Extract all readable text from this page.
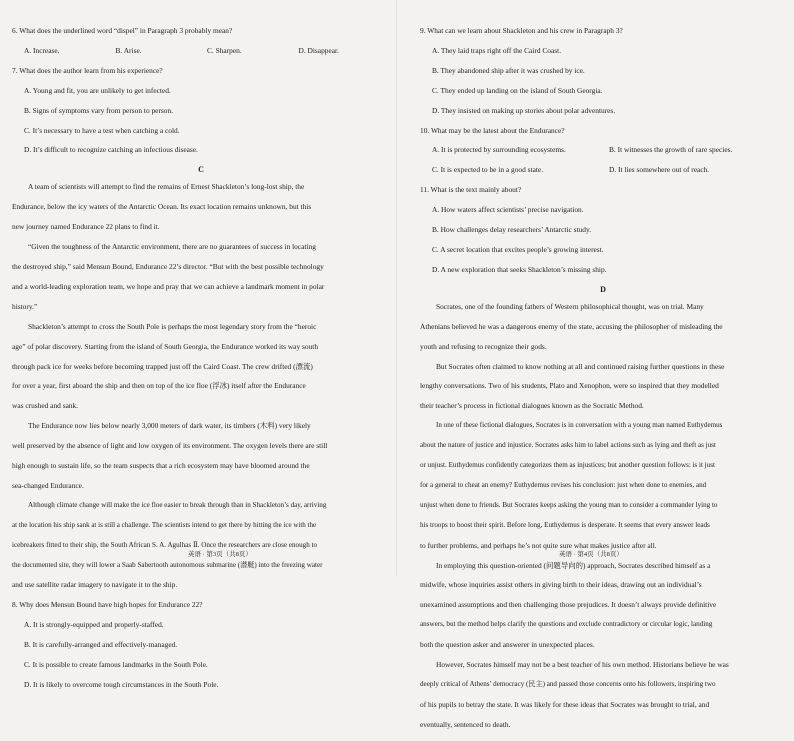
6. What does the underlined word “dispel” in Paragraph 3 probably mean?
A. Increase.	B. Arise.	C. Sharpen.	D. Disappear.
7. What does the author learn from his experience?
A. Young and fit, you are unlikely to get infected.
B. Signs of symptoms vary from person to person.
C. It’s necessary to have a test when catching a cold.
D. It’s difficult to recognize catching an infectious disease.
C
A team of scientists will attempt to find the remains of Ernest Shackleton’s long-lost ship, the
Endurance, below the icy waters of the Antarctic Ocean. Its exact location remains unknown, but this
new journey named Endurance 22 plans to find it.
“Given the toughness of the Antarctic environment, there are no guarantees of success in locating
the destroyed ship,” said Mensun Bound, Endurance 22’s director. “But with the best possible technology
and a world-leading exploration team, we hope and pray that we can achieve a landmark moment in polar
history.”
Shackleton’s attempt to cross the South Pole is perhaps the most legendary story from the “heroic
age” of polar discovery. Starting from the island of South Georgia, the Endurance worked its way south
through pack ice for weeks before becoming trapped just off the Caird Coast. The crew drifted (漂流)
for over a year, first aboard the ship and then on top of the ice floe (浮冰) itself after the Endurance
was crushed and sank.
The Endurance now lies below nearly 3,000 meters of dark water, its timbers (木料) very likely
well preserved by the absence of light and low oxygen of its environment. The oxygen levels there are still
high enough to sustain life, so the team suspects that a rich ecosystem may have bloomed around the
sea-changed Endurance.
Although climate change will make the ice floe easier to break through than in Shackleton’s day, arriving
at the location his ship sank at is still a challenge. The scientists intend to get there by hitting the ice with the
icebreakers fitted to their ship, the South African S. A. Agulhas Ⅱ. Once the researchers are close enough to
the documented site, they will lower a Saab Sabertooth autonomous submarine (潜艇) into the freezing water
and use satellite radar imagery to navigate it to the ship.
8. Why does Mensun Bound have high hopes for Endurance 22?
A. It is strongly-equipped and properly-staffed.
B. It is carefully-arranged and effectively-managed.
C. It is possible to create famous landmarks in the South Pole.
D. It is likely to overcome tough circumstances in the South Pole.
英语 · 第3页（共8页）
9. What can we learn about Shackleton and his crew in Paragraph 3?
A. They laid traps right off the Caird Coast.
B. They abandoned ship after it was crushed by ice.
C. They ended up landing on the island of South Georgia.
D. They insisted on making up stories about polar adventures.
10. What may be the latest about the Endurance?
A. It is protected by surrounding ecosystems.	B. It witnesses the growth of rare species.
C. It is expected to be in a good state.	D. It lies somewhere out of reach.
11. What is the text mainly about?
A. How waters affect scientists’ precise navigation.
B. How challenges delay researchers’ Antarctic study.
C. A secret location that excites people’s growing interest.
D. A new exploration that seeks Shackleton’s missing ship.
D
Socrates, one of the founding fathers of Western philosophical thought, was on trial. Many
Athenians believed he was a dangerous enemy of the state, accusing the philosopher of misleading the
youth and refusing to recognize their gods.
But Socrates often claimed to know nothing at all and continued raising further questions in these
lengthy conversations. Two of his students, Plato and Xenophon, were so inspired that they modelled
their teacher’s process in fictional dialogues known as the Socratic Method.
In one of these fictional dialogues, Socrates is in conversation with a young man named Euthydemus
about the nature of justice and injustice. Socrates asks him to label actions such as lying and theft as just
or unjust. Euthydemus confidently categorizes them as injustices; but another question follows: is it just
for a general to cheat an enemy? Euthydemus revises his conclusion: just when done to enemies, and
unjust when done to friends. But Socrates keeps asking the young man to consider a commander lying to
his troops to boost their spirit. Before long, Euthydemus is desperate. It seems that every answer leads
to further problems, and perhaps he’s not quite sure what makes justice after all.
In employing this question-oriented (问题导向的) approach, Socrates described himself as a
midwife, whose inquiries assist others in giving birth to their ideas, drawing out an individual’s
unexamined assumptions and then challenging those prejudices. It doesn’t always provide definitive
answers, but the method helps clarify the questions and exclude contradictory or circular logic, landing
both the question asker and answerer in unexpected places.
However, Socrates himself may not be a best teacher of his own method. Historians believe he was
deeply critical of Athens’ democracy (民主) and passed those concerns onto his followers, inspiring two
of his pupils to betray the state. It was likely for these ideas that Socrates was brought to trial, and
eventually, sentenced to death.
英语 · 第4页（共8页）
